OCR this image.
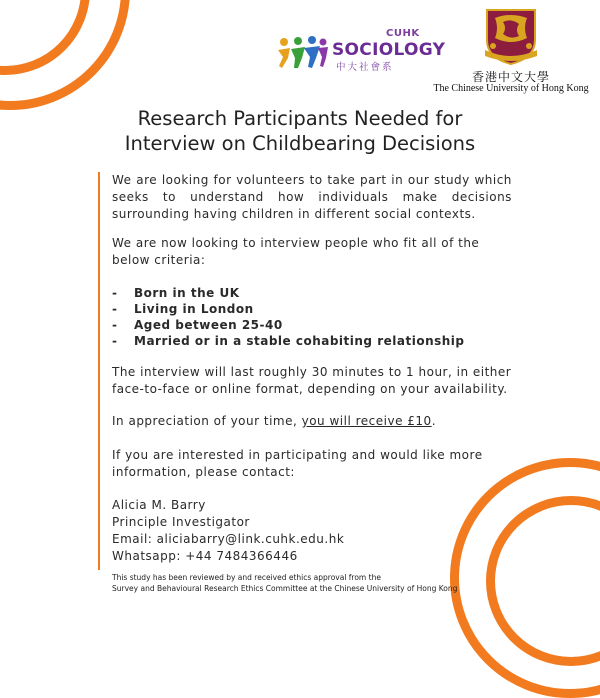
CUHK
SOCIOLOGY
中大社會系
香港中文大學
The Chinese University of Hong Kong
Research Participants Needed for
Interview on Childbearing Decisions
We are looking for volunteers to take part in our study which
seeks to understand how individuals make decisions
surrounding having children in different social contexts.
We are now looking to interview people who fit all of the
below criteria:
- Born in the UK
- Living in London
- Aged between 25-40
- Married or in a stable cohabiting relationship
The interview will last roughly 30 minutes to 1 hour, in either
face-to-face or online format, depending on your availability.
In appreciation of your time, you will receive £10.
If you are interested in participating and would like more
information, please contact:
Alicia M. Barry
Principle Investigator
Email: aliciabarry@link.cuhk.edu.hk
Whatsapp: +44 7484366446
This study has been reviewed by and received ethics approval from the
Survey and Behavioural Research Ethics Committee at the Chinese University of Hong Kong
